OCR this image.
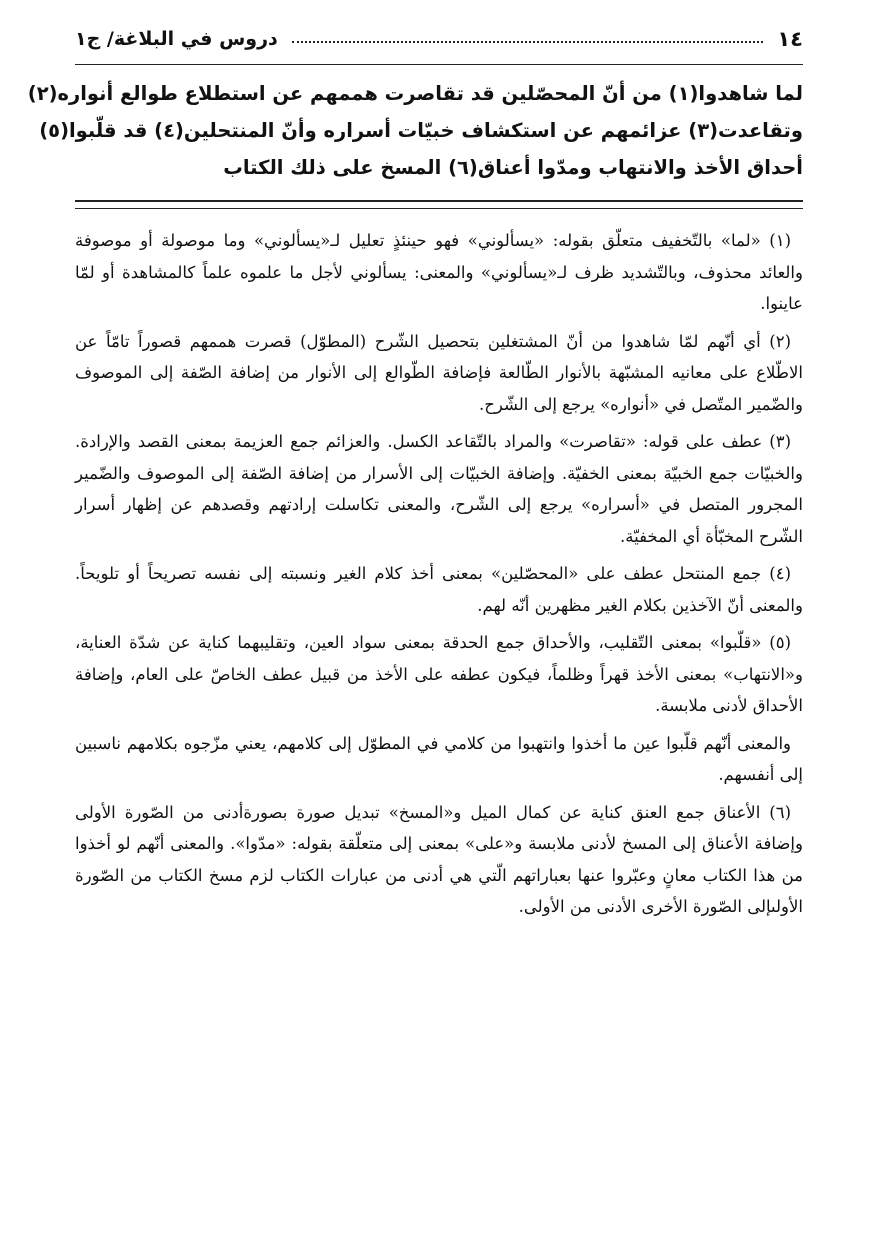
١٤
دروس في البلاغة/ ج١
لما شاهدوا(١) من أنّ المحصّلين قد تقاصرت هممهم عن استطلاع طوالع أنواره(٢)
وتقاعدت(٣) عزائمهم عن استكشاف خبيّات أسراره وأنّ المنتحلين(٤) قد قلّبوا(٥)
أحداق الأخذ والانتهاب ومدّوا أعناق(٦) المسخ على ذلك الكتاب

(١) «لما» بالتّخفيف متعلّق بقوله: «يسألوني» فهو حينئذٍ تعليل لـ«يسألوني» وما موصولة أو موصوفة والعائد محذوف، وبالتّشديد ظرف لـ«يسألوني» والمعنى: يسألوني لأجل ما علموه علماً كالمشاهدة أو لمّا عاينوا.

(٢) أي أنّهم لمّا شاهدوا من أنّ المشتغلين بتحصيل الشّرح (المطوّل) قصرت هممهم قصوراً تامّاً عن الاطّلاع على معانيه المشبّهة بالأنوار الطّالعة فإضافة الطّوالع إلى الأنوار من إضافة الصّفة إلى الموصوف والضّمير المتّصل في «أنواره» يرجع إلى الشّرح.

(٣) عطف على قوله: «تقاصرت» والمراد بالتّقاعد الكسل. والعزائم جمع العزيمة بمعنى القصد والإرادة. والخبيّات جمع الخبيّة بمعنى الخفيّة. وإضافة الخبيّات إلى الأسرار من إضافة الصّفة إلى الموصوف والضّمير المجرور المتصل في «أسراره» يرجع إلى الشّرح، والمعنى تكاسلت إرادتهم وقصدهم عن إظهار أسرار الشّرح المخبّأة أي المخفيّة.

(٤) جمع المنتحل عطف على «المحصّلين» بمعنى أخذ كلام الغير ونسبته إلى نفسه تصريحاً أو تلويحاً. والمعنى أنّ الآخذين بكلام الغير مظهرين أنّه لهم.

(٥) «قلّبوا» بمعنى التّقليب، والأحداق جمع الحدقة بمعنى سواد العين، وتقليبهما كناية عن شدّة العناية، و«الانتهاب» بمعنى الأخذ قهراً وظلماً، فيكون عطفه على الأخذ من قبيل عطف الخاصّ على العام، وإضافة الأحداق لأدنى ملابسة.

والمعنى أنّهم قلّبوا عين ما أخذوا وانتهبوا من كلامي في المطوّل إلى كلامهم، يعني مزّجوه بكلامهم ناسبين إلى أنفسهم.

(٦) الأعناق جمع العنق كناية عن كمال الميل و«المسخ» تبديل صورة بصورةأدنى من الصّورة الأولى وإضافة الأعناق إلى المسخ لأدنى ملابسة و«على» بمعنى إلى متعلّقة بقوله: «مدّوا». والمعنى أنّهم لو أخذوا من هذا الكتاب معانٍ وعبّروا عنها بعباراتهم الّتي هي أدنى من عبارات الكتاب لزم مسخ الكتاب من الصّورة الأولىإلى الصّورة الأخرى الأدنى من الأولى.
